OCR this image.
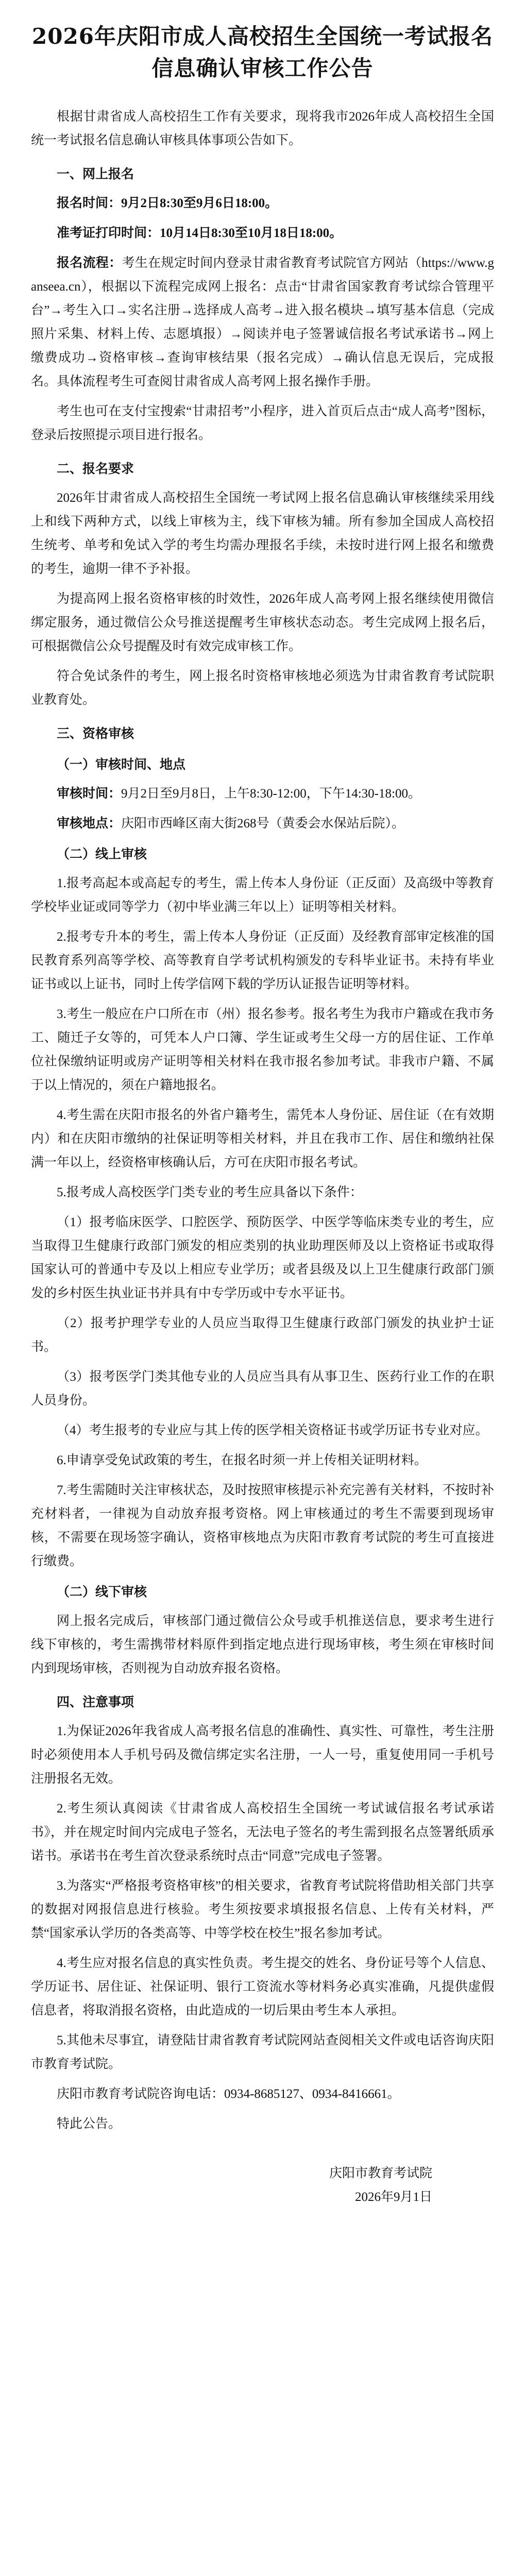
2026年庆阳市成人高校招生全国统一考试报名信息确认审核工作公告

根据甘肃省成人高校招生工作有关要求，现将我市2026年成人高校招生全国统一考试报名信息确认审核具体事项公告如下。

一、网上报名

报名时间：9月2日8:30至9月6日18:00。

准考证打印时间：10月14日8:30至10月18日18:00。

报名流程：考生在规定时间内登录甘肃省教育考试院官方网站（https://www.ganseea.cn），根据以下流程完成网上报名：点击“甘肃省国家教育考试综合管理平台”→考生入口→实名注册→选择成人高考→进入报名模块→填写基本信息（完成照片采集、材料上传、志愿填报）→阅读并电子签署诚信报名考试承诺书→网上缴费成功→资格审核→查询审核结果（报名完成）→确认信息无误后，完成报名。具体流程考生可查阅甘肃省成人高考网上报名操作手册。

考生也可在支付宝搜索“甘肃招考”小程序，进入首页后点击“成人高考”图标，登录后按照提示项目进行报名。

二、报名要求

2026年甘肃省成人高校招生全国统一考试网上报名信息确认审核继续采用线上和线下两种方式，以线上审核为主，线下审核为辅。所有参加全国成人高校招生统考、单考和免试入学的考生均需办理报名手续，未按时进行网上报名和缴费的考生，逾期一律不予补报。

为提高网上报名资格审核的时效性，2026年成人高考网上报名继续使用微信绑定服务，通过微信公众号推送提醒考生审核状态动态。考生完成网上报名后，可根据微信公众号提醒及时有效完成审核工作。

符合免试条件的考生，网上报名时资格审核地必须选为甘肃省教育考试院职业教育处。

三、资格审核
（一）审核时间、地点

审核时间：9月2日至9月8日，上午8:30-12:00，下午14:30-18:00。

审核地点：庆阳市西峰区南大街268号（黄委会水保站后院）。

（二）线上审核

1.报考高起本或高起专的考生，需上传本人身份证（正反面）及高级中等教育学校毕业证或同等学力（初中毕业满三年以上）证明等相关材料。

2.报考专升本的考生，需上传本人身份证（正反面）及经教育部审定核准的国民教育系列高等学校、高等教育自学考试机构颁发的专科毕业证书。未持有毕业证书或以上证书，同时上传学信网下载的学历认证报告证明等材料。

3.考生一般应在户口所在市（州）报名参考。报名考生为我市户籍或在我市务工、随迁子女等的，可凭本人户口簿、学生证或考生父母一方的居住证、工作单位社保缴纳证明或房产证明等相关材料在我市报名参加考试。非我市户籍、不属于以上情况的，须在户籍地报名。

4.考生需在庆阳市报名的外省户籍考生，需凭本人身份证、居住证（在有效期内）和在庆阳市缴纳的社保证明等相关材料，并且在我市工作、居住和缴纳社保满一年以上，经资格审核确认后，方可在庆阳市报名考试。

5.报考成人高校医学门类专业的考生应具备以下条件：

（1）报考临床医学、口腔医学、预防医学、中医学等临床类专业的考生，应当取得卫生健康行政部门颁发的相应类别的执业助理医师及以上资格证书或取得国家认可的普通中专及以上相应专业学历；或者县级及以上卫生健康行政部门颁发的乡村医生执业证书并具有中专学历或中专水平证书。

（2）报考护理学专业的人员应当取得卫生健康行政部门颁发的执业护士证书。

（3）报考医学门类其他专业的人员应当具有从事卫生、医药行业工作的在职人员身份。

（4）考生报考的专业应与其上传的医学相关资格证书或学历证书专业对应。

6.申请享受免试政策的考生，在报名时须一并上传相关证明材料。

7.考生需随时关注审核状态，及时按照审核提示补充完善有关材料，不按时补充材料者，一律视为自动放弃报考资格。网上审核通过的考生不需要到现场审核，不需要在现场签字确认，资格审核地点为庆阳市教育考试院的考生可直接进行缴费。

（二）线下审核

网上报名完成后，审核部门通过微信公众号或手机推送信息，要求考生进行线下审核的，考生需携带材料原件到指定地点进行现场审核，考生须在审核时间内到现场审核，否则视为自动放弃报名资格。

四、注意事项

1.为保证2026年我省成人高考报名信息的准确性、真实性、可靠性，考生注册时必须使用本人手机号码及微信绑定实名注册，一人一号，重复使用同一手机号注册报名无效。

2.考生须认真阅读《甘肃省成人高校招生全国统一考试诚信报名考试承诺书》，并在规定时间内完成电子签名，无法电子签名的考生需到报名点签署纸质承诺书。承诺书在考生首次登录系统时点击“同意”完成电子签署。

3.为落实“严格报考资格审核”的相关要求，省教育考试院将借助相关部门共享的数据对网报信息进行核验。考生须按要求填报报名信息、上传有关材料，严禁“国家承认学历的各类高等、中等学校在校生”报名参加考试。

4.考生应对报名信息的真实性负责。考生提交的姓名、身份证号等个人信息、学历证书、居住证、社保证明、银行工资流水等材料务必真实准确，凡提供虚假信息者，将取消报名资格，由此造成的一切后果由考生本人承担。

5.其他未尽事宜，请登陆甘肃省教育考试院网站查阅相关文件或电话咨询庆阳市教育考试院。

庆阳市教育考试院咨询电话：0934-8685127、0934-8416661。

特此公告。

庆阳市教育考试院

2026年9月1日
